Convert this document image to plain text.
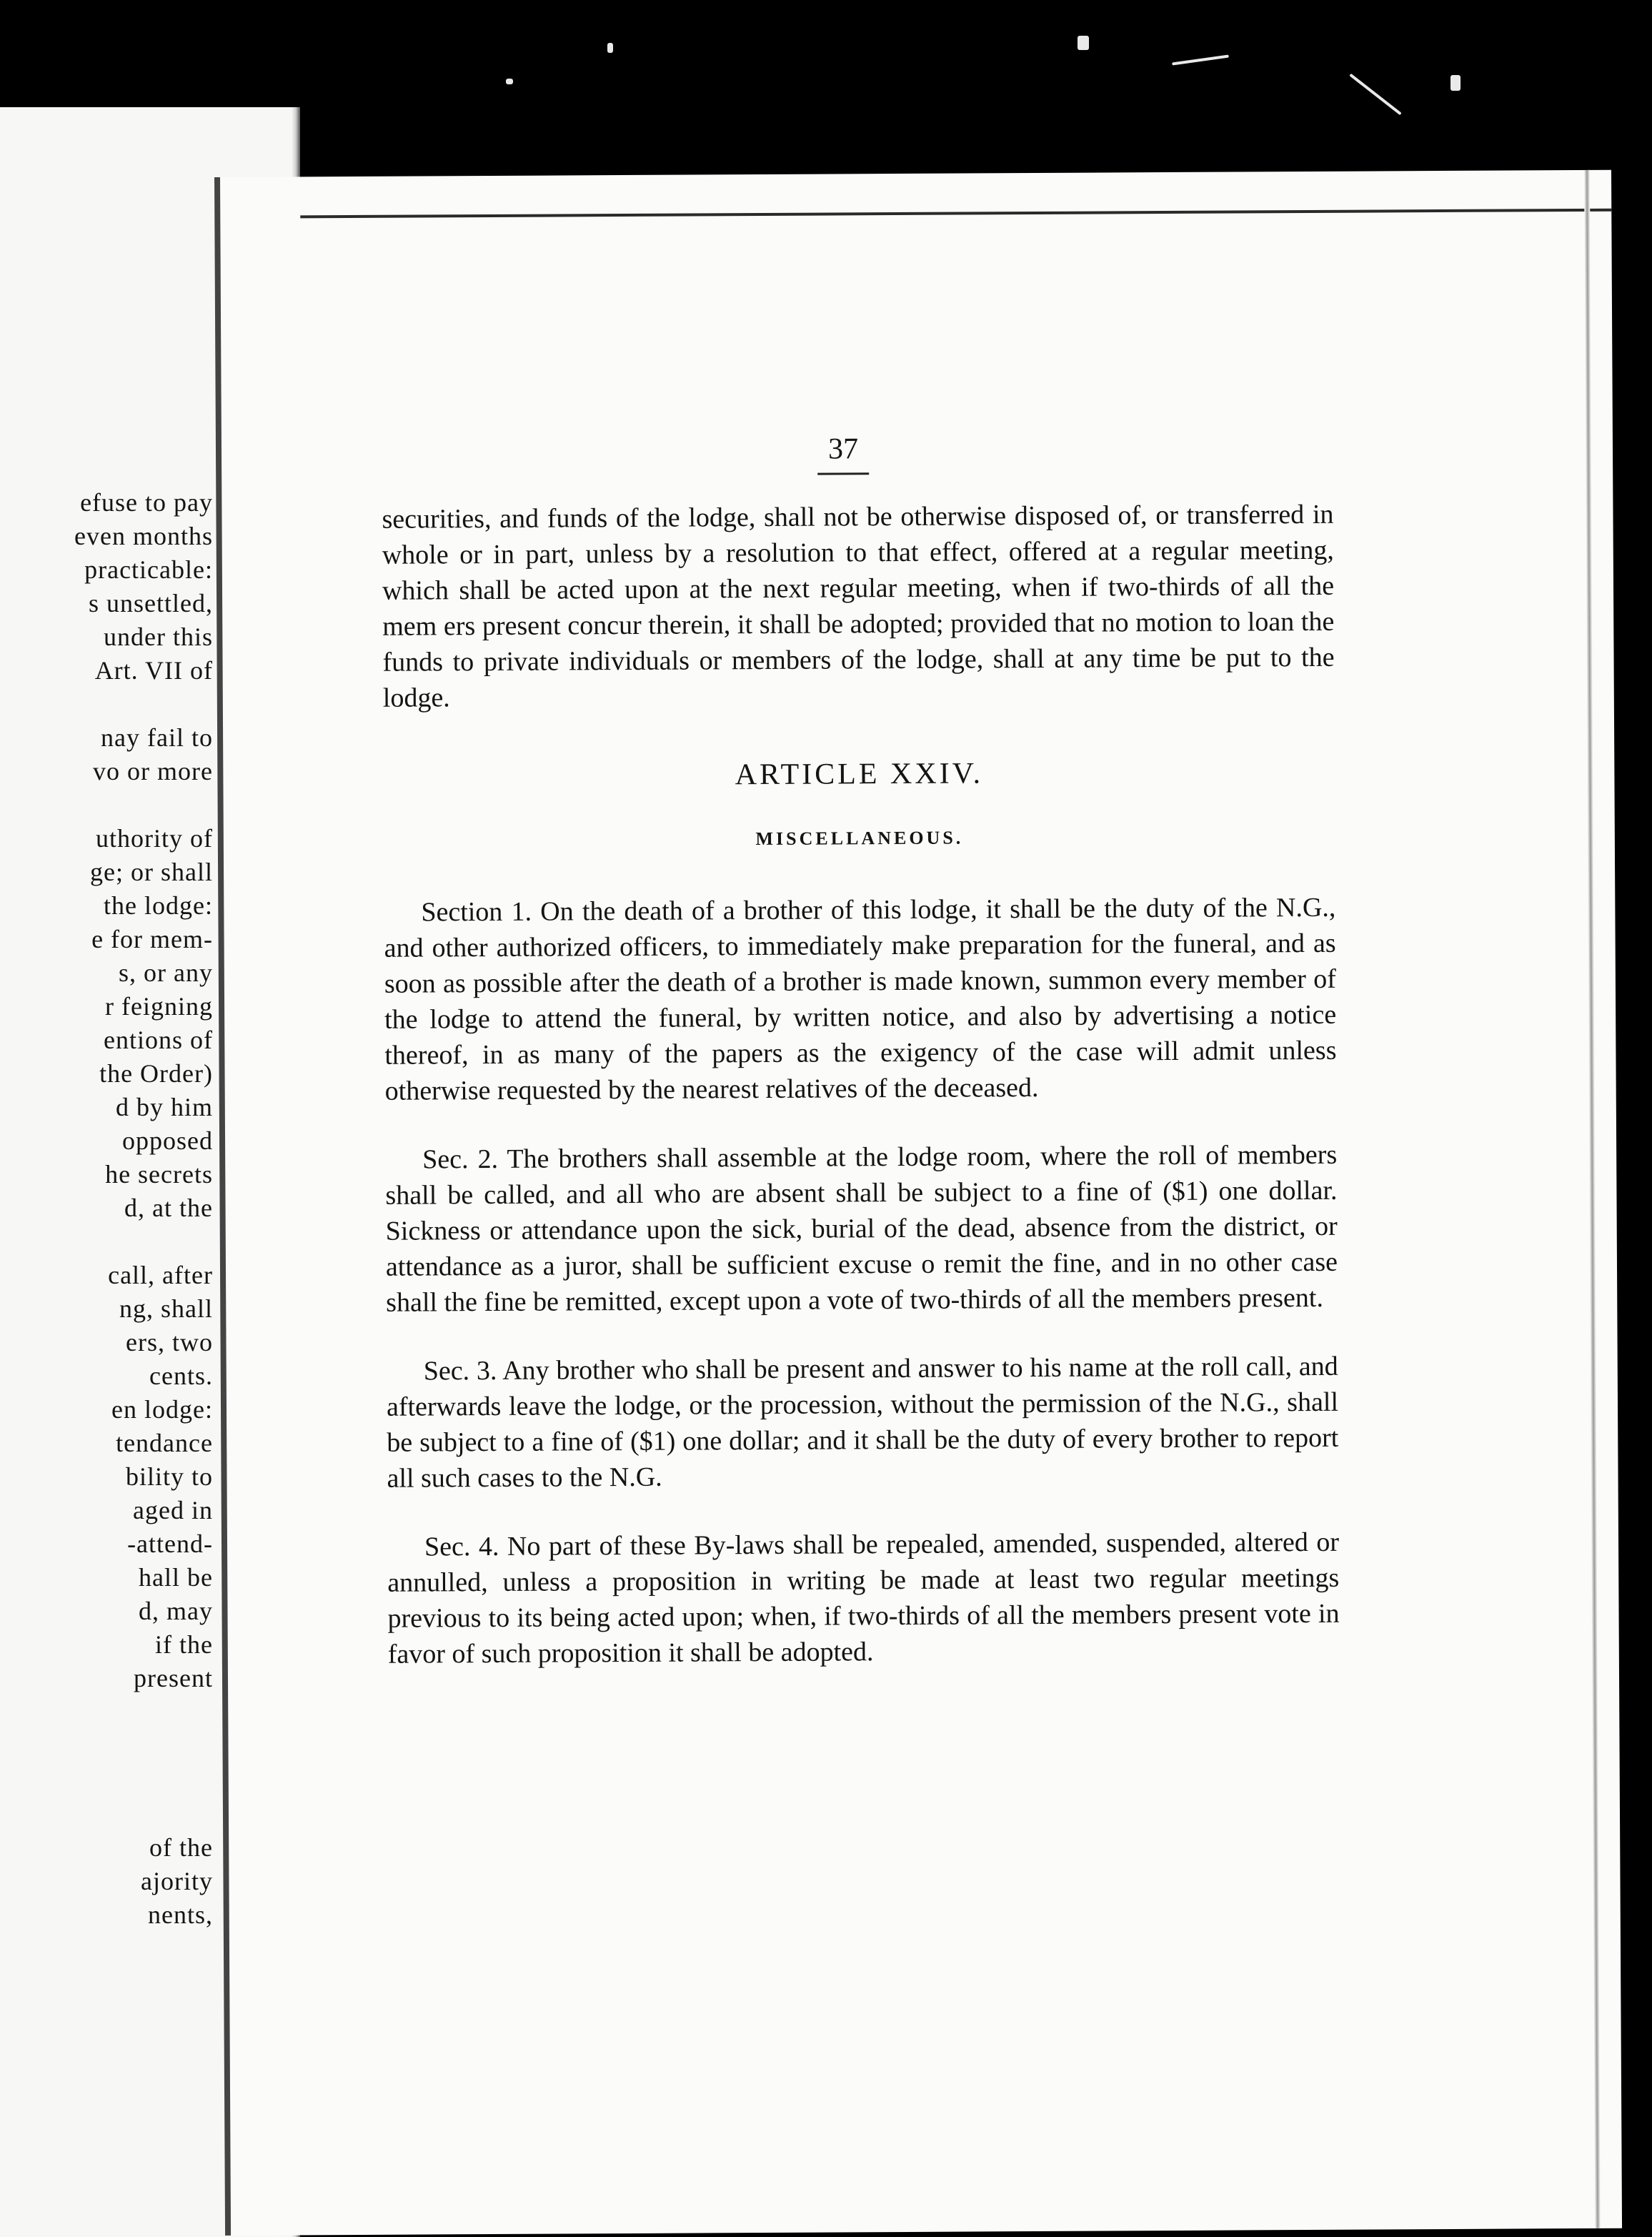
efuse to pay
even months
practicable:
s unsettled,
under this
Art. VII of
nay fail to
vo or more
uthority of
ge; or shall
the lodge:
e for mem-
s, or any
r feigning
entions of
the Order)
d by him
opposed
he secrets
d, at the
call, after
ng, shall
ers, two
cents.
en lodge:
tendance
bility to
aged in
-attend-
hall be
d, may
if the
present
of the
ajority
nents,
37

securities, and funds of the lodge, shall not be otherwise disposed of, or transferred in whole or in part, unless by a resolution to that effect, offered at a regular meeting, which shall be acted upon at the next regular meeting, when if two-thirds of all the mem ers present concur therein, it shall be adopted; provided that no motion to loan the funds to private individuals or members of the lodge, shall at any time be put to the lodge.

ARTICLE XXIV.
MISCELLANEOUS.

Section 1. On the death of a brother of this lodge, it shall be the duty of the N.G., and other authorized officers, to immediately make preparation for the funeral, and as soon as possible after the death of a brother is made known, summon every member of the lodge to attend the funeral, by written notice, and also by advertising a notice thereof, in as many of the papers as the exigency of the case will admit unless otherwise requested by the nearest relatives of the deceased.

Sec. 2. The brothers shall assemble at the lodge room, where the roll of members shall be called, and all who are absent shall be subject to a fine of ($1) one dollar. Sickness or attendance upon the sick, burial of the dead, absence from the district, or attendance as a juror, shall be sufficient excuse o remit the fine, and in no other case shall the fine be remitted, except upon a vote of two-thirds of all the members present.

Sec. 3. Any brother who shall be present and answer to his name at the roll call, and afterwards leave the lodge, or the procession, without the permission of the N.G., shall be subject to a fine of ($1) one dollar; and it shall be the duty of every brother to report all such cases to the N.G.

Sec. 4. No part of these By-laws shall be repealed, amended, suspended, altered or annulled, unless a proposition in writing be made at least two regular meetings previous to its being acted upon; when, if two-thirds of all the members present vote in favor of such proposition it shall be adopted.
